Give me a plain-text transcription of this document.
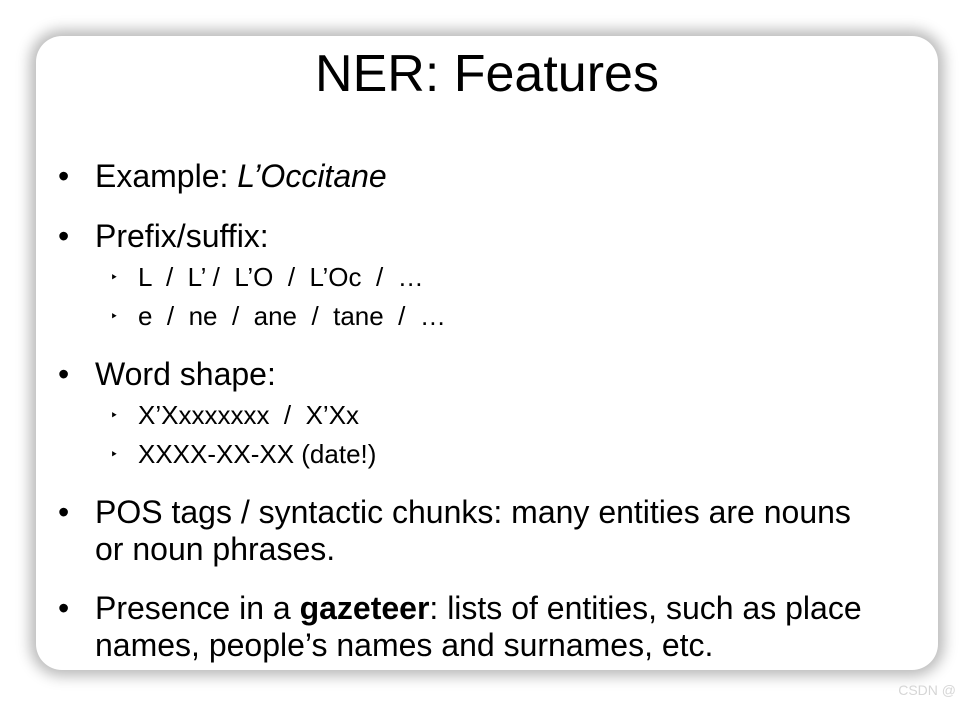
NER: Features
• Example: L’Occitane
• Prefix/suffix:
‣ L  /  L’ /  L’O  /  L’Oc  /  …
‣ e  /  ne  /  ane  /  tane  /  …
• Word shape:
‣ X’Xxxxxxxx  /  X’Xx
‣ XXXX-XX-XX (date!)
• POS tags / syntactic chunks: many entities are nouns
or noun phrases.
• Presence in a gazeteer: lists of entities, such as place
names, people’s names and surnames, etc.
CSDN @
